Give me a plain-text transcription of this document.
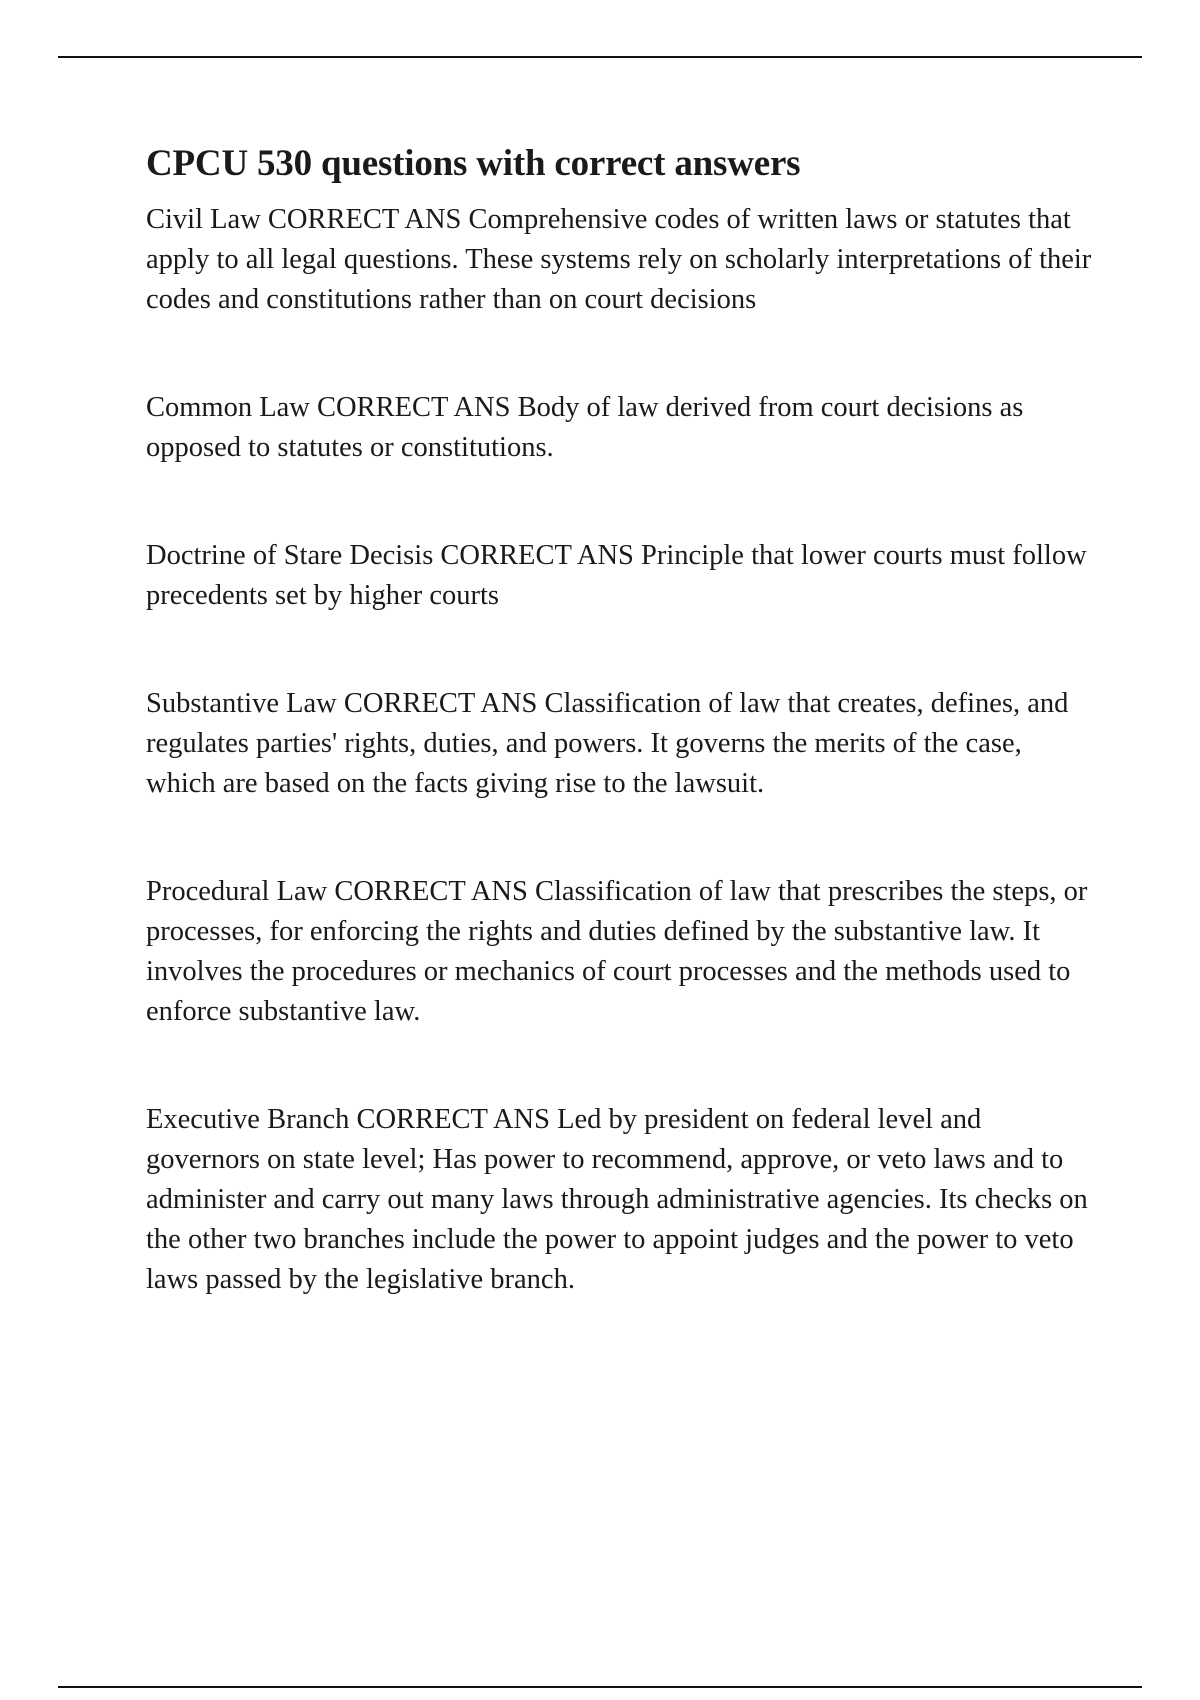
CPCU 530 questions with correct answers
Civil Law CORRECT ANS Comprehensive codes of written laws or statutes that apply to all legal questions. These systems rely on scholarly interpretations of their codes and constitutions rather than on court decisions
Common Law CORRECT ANS Body of law derived from court decisions as opposed to statutes or constitutions.
Doctrine of Stare Decisis CORRECT ANS Principle that lower courts must follow precedents set by higher courts
Substantive Law CORRECT ANS Classification of law that creates, defines, and regulates parties' rights, duties, and powers. It governs the merits of the case, which are based on the facts giving rise to the lawsuit.
Procedural Law CORRECT ANS Classification of law that prescribes the steps, or processes, for enforcing the rights and duties defined by the substantive law. It involves the procedures or mechanics of court processes and the methods used to enforce substantive law.
Executive Branch CORRECT ANS Led by president on federal level and governors on state level; Has power to recommend, approve, or veto laws and to administer and carry out many laws through administrative agencies. Its checks on the other two branches include the power to appoint judges and the power to veto laws passed by the legislative branch.
